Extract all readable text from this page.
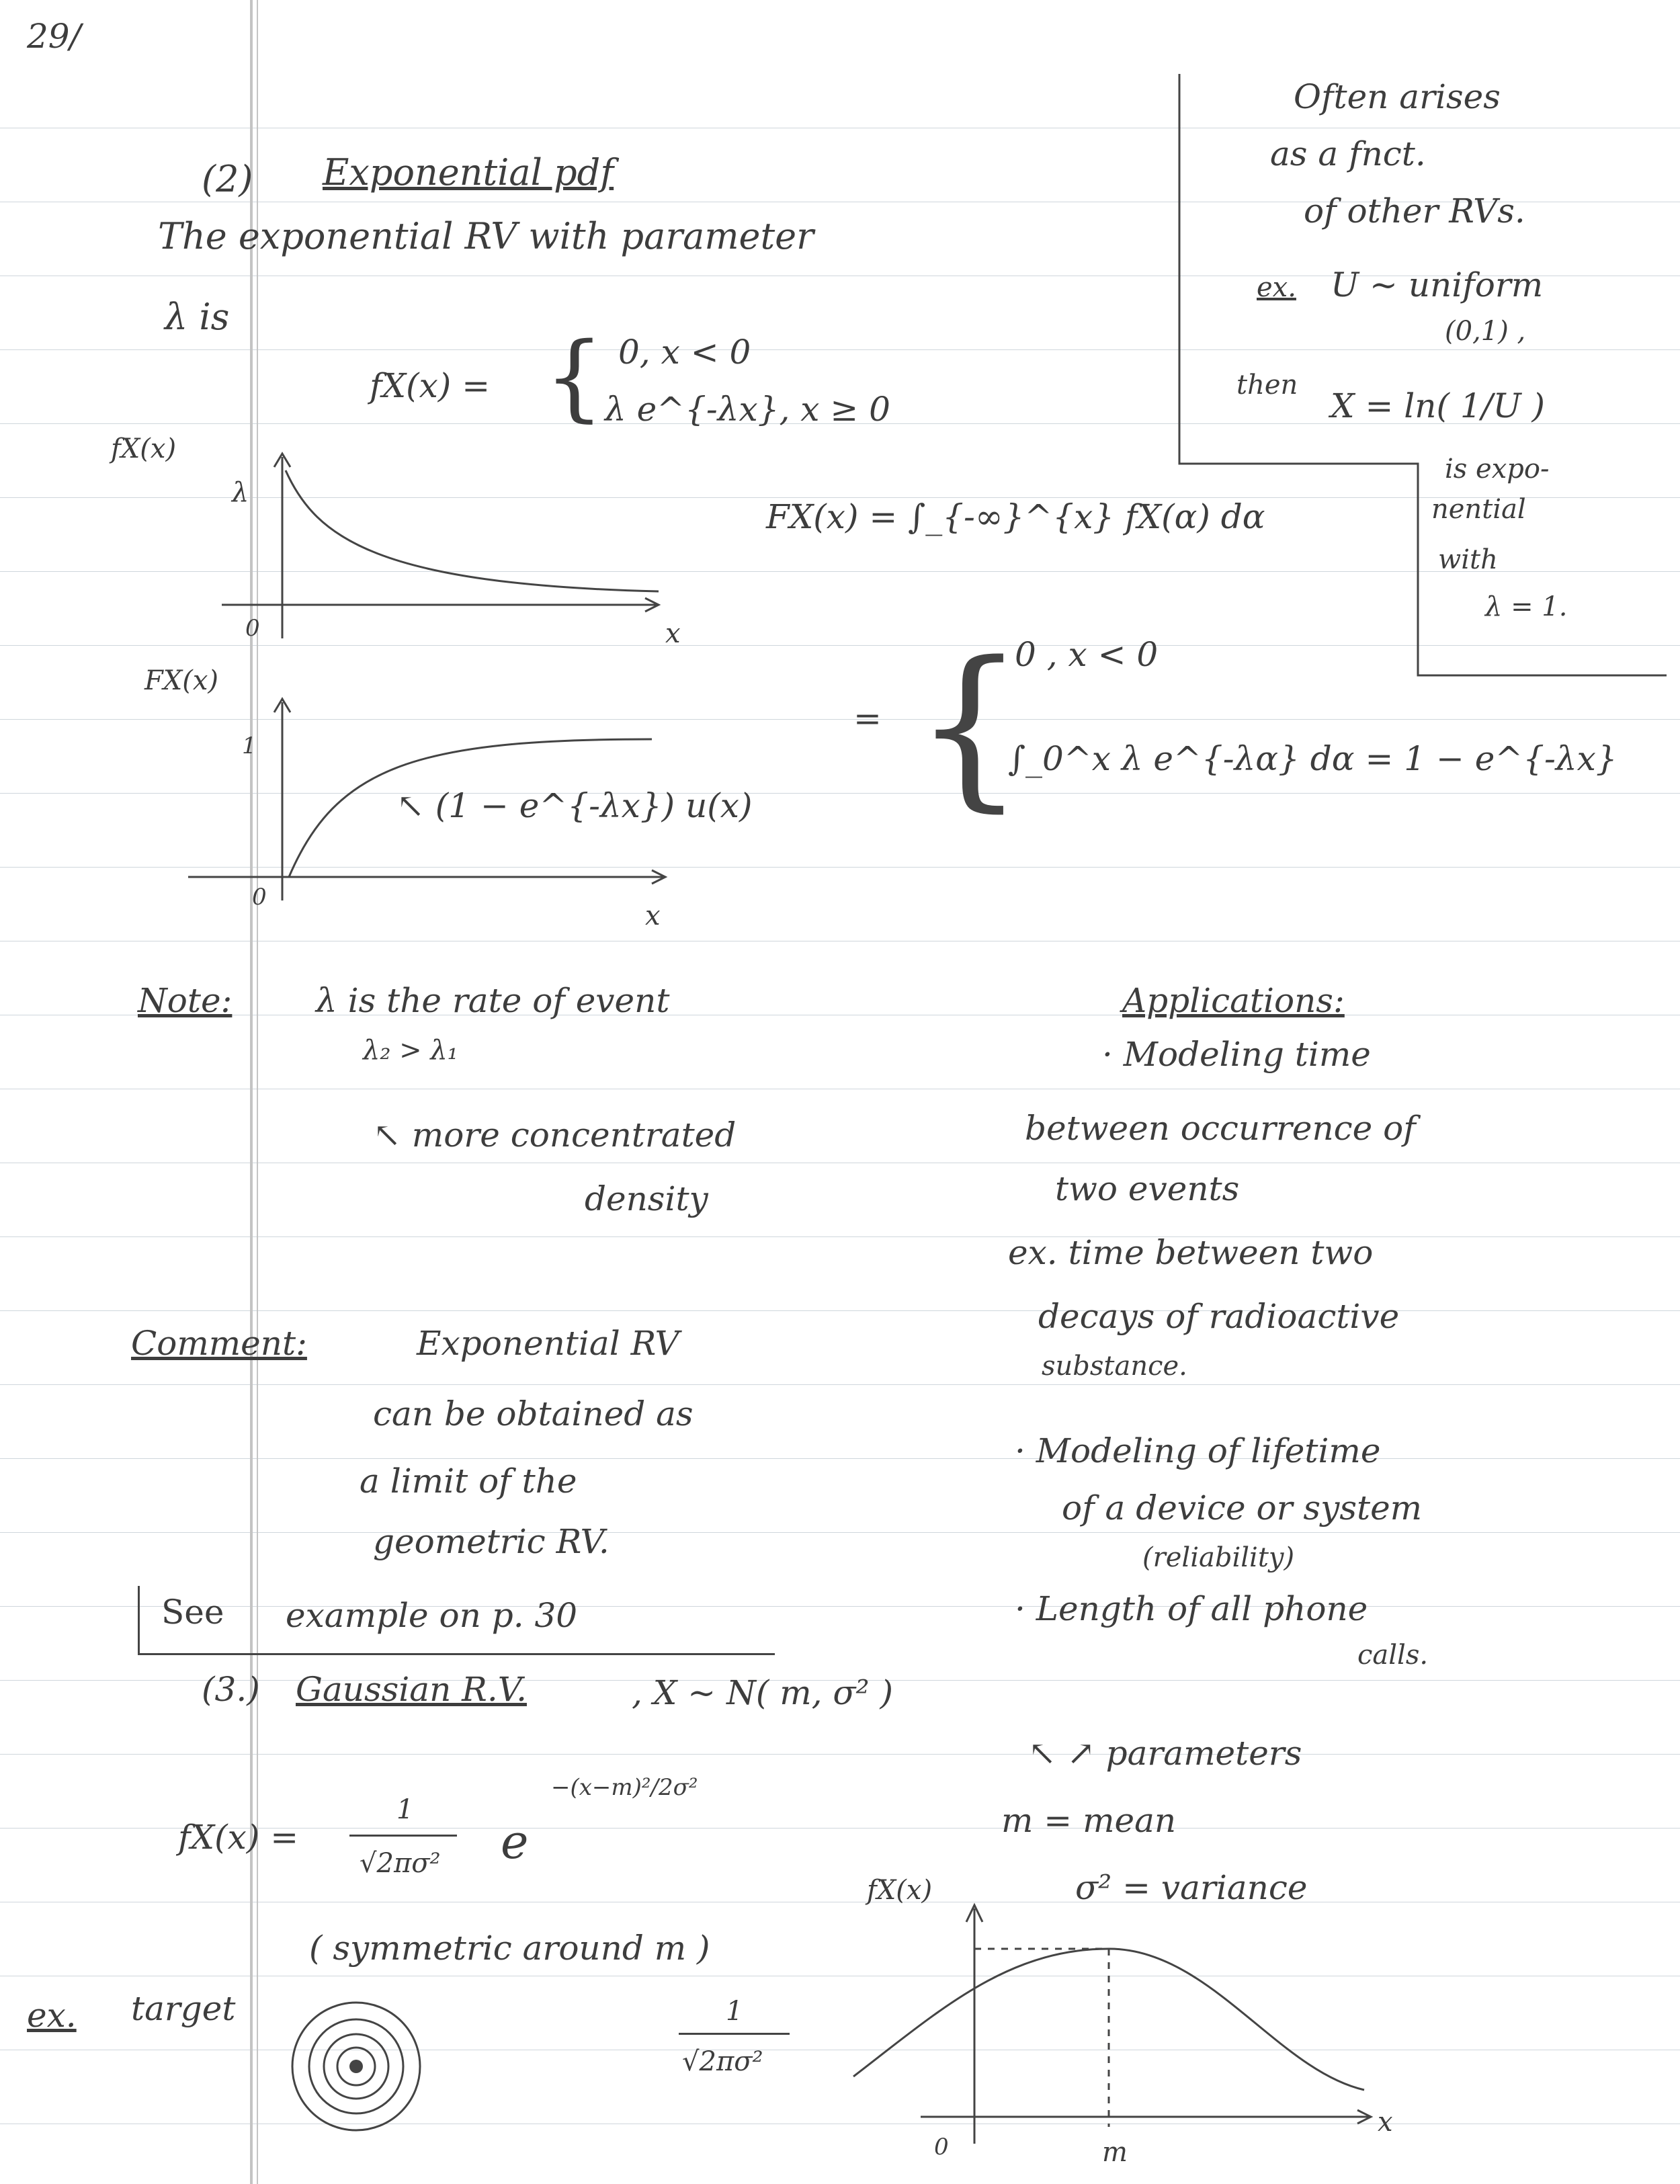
29/
(2) Exponential pdf
The exponential RV with parameter
λ is
fX(x) = { 0, x < 0
λ e^{-λx}, x ≥ 0
Often arises
as a fnct.
of other RVs.
ex. U ~ uniform
(0,1) ,
then
X = ln( 1/U )
is expo-
nential
with
λ = 1.
fX(x)
λ
0	x
FX(x) = ∫_{-∞}^{x} fX(α) dα
FX(x)
1
0
x
↖ (1 − e^{-λx}) u(x)
= {
0 , x < 0
∫_0^x λ e^{-λα} dα = 1 − e^{-λx}
Note: λ is the rate of event
λ₂ > λ₁
↖ more concentrated
density
Applications:
· Modeling time
between occurrence of
two events
ex. time between two
decays of radioactive
substance.
· Modeling of lifetime
of a device or system
(reliability)
· Length of all phone
calls.
Comment:	Exponential RV
can be obtained as
a limit of the
geometric RV.
See example on p. 30
(3.) Gaussian R.V.	, X ~ N( m, σ² )
↖ ↗ parameters
m = mean
σ² = variance
fX(x) =
1
√2πσ² e
−(x−m)²/2σ²
( symmetric around m )
ex. target	1
√2πσ²
fX(x)
0	m
x
